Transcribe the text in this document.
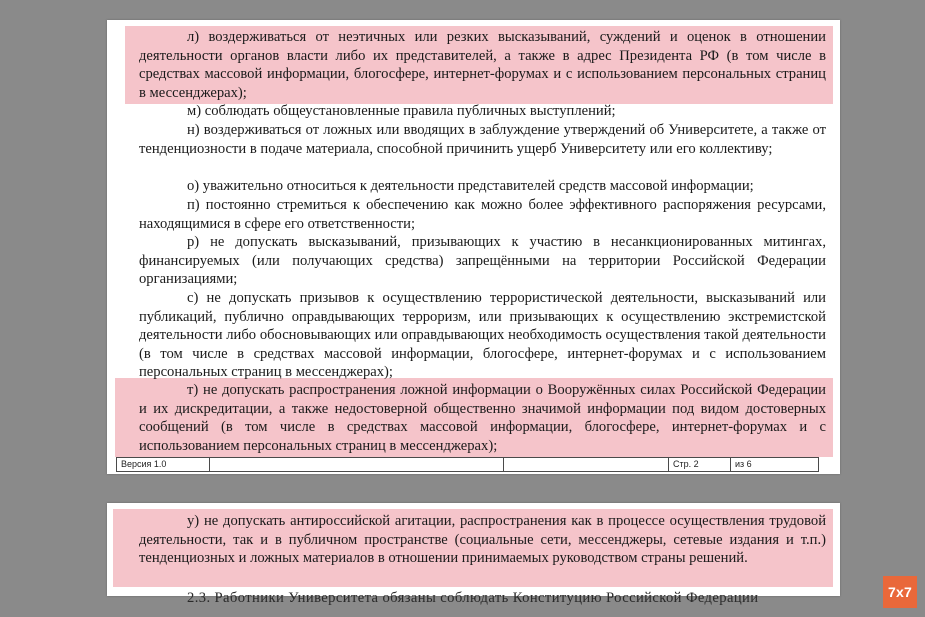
л) воздерживаться от неэтичных или резких высказываний, суждений и оценок в отношении деятельности органов власти либо их представителей, а также в адрес Президента РФ (в том числе в средствах массовой информации, блогосфере, интернет-форумах и с использованием персональных страниц в мессенджерах);

м) соблюдать общеустановленные правила публичных выступлений;

н) воздерживаться от ложных или вводящих в заблуждение утверждений об Университете, а также от тенденциозности в подаче материала, способной причинить ущерб Университету или его коллективу;

о) уважительно относиться к деятельности представителей средств массовой информации;

п) постоянно стремиться к обеспечению как можно более эффективного распоряжения ресурсами, находящимися в сфере его ответственности;

р) не допускать высказываний, призывающих к участию в несанкционированных митингах, финансируемых (или получающих средства) запрещёнными на территории Российской Федерации организациями;

с) не допускать призывов к осуществлению террористической деятельности, высказываний или публикаций, публично оправдывающих терроризм, или призывающих к осуществлению экстремистской деятельности либо обосновывающих или оправдывающих необходимость осуществления такой деятельности (в том числе в средствах массовой информации, блогосфере, интернет-форумах и с использованием персональных страниц в мессенджерах);

т) не допускать распространения ложной информации о Вооружённых силах Российской Федерации и их дискредитации, а также недостоверной общественно значимой информации под видом достоверных сообщений (в том числе в средствах массовой информации, блогосфере, интернет-форумах и с использованием персональных страниц в мессенджерах);

Версия 1.0	Стр. 2	из 6

у) не допускать антироссийской агитации, распространения как в процессе осуществления трудовой деятельности, так и в публичном пространстве (социальные сети, мессенджеры, сетевые издания и т.п.) тенденциозных и ложных материалов в отношении принимаемых руководством страны решений.

2.3. Работники Университета обязаны соблюдать Конституцию Российской Федерации	7x7
